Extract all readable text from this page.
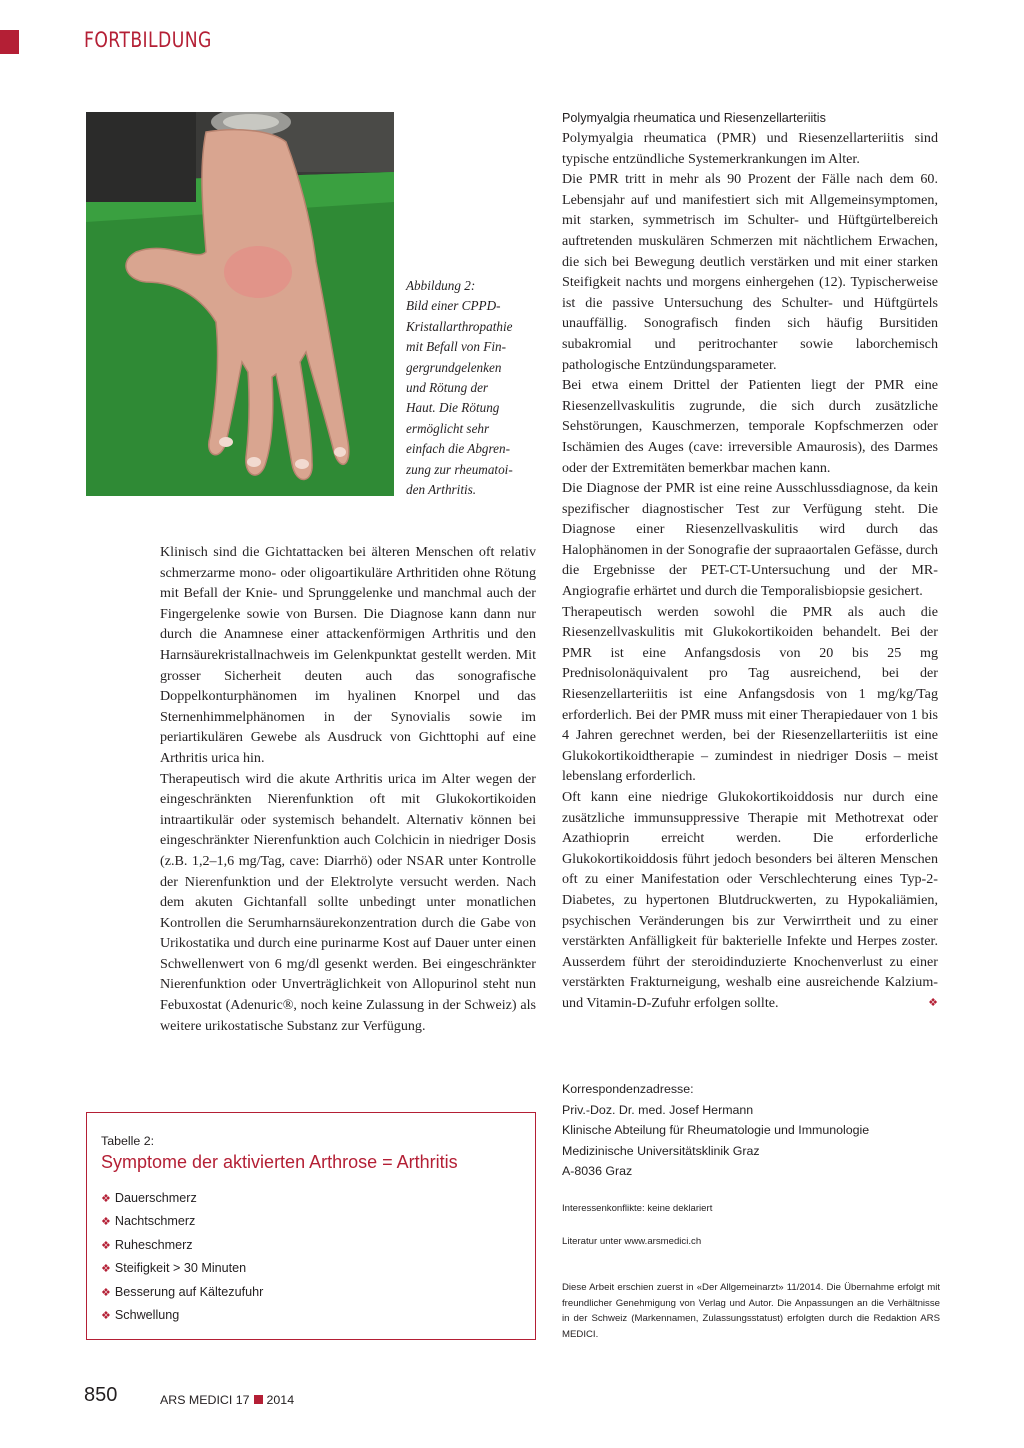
FORTBILDUNG
Abbildung 2:
Bild einer CPPD-
Kristallarthropathie
mit Befall von Fin-
gergrundgelenken
und Rötung der
Haut. Die Rötung
ermöglicht sehr
einfach die Abgren-
zung zur rheumatoi-
den Arthritis.

Klinisch sind die Gichtattacken bei älteren Menschen oft relativ schmerzarme mono- oder oligoartikuläre Arthritiden ohne Rötung mit Befall der Knie- und Sprunggelenke und manchmal auch der Fingergelenke sowie von Bursen. Die Diagnose kann dann nur durch die Anamnese einer attackenförmigen Arthritis und den Harnsäurekristallnachweis im Gelenkpunktat gestellt werden. Mit grosser Sicherheit deuten auch das sonografische Doppelkonturphänomen im hyalinen Knorpel und das Sternenhimmelphänomen in der Synovialis sowie im periartikulären Gewebe als Ausdruck von Gichttophi auf eine Arthritis urica hin.

Therapeutisch wird die akute Arthritis urica im Alter wegen der eingeschränkten Nierenfunktion oft mit Glukokortikoiden intraartikulär oder systemisch behandelt. Alternativ können bei eingeschränkter Nierenfunktion auch Colchicin in niedriger Dosis (z.B. 1,2–1,6 mg/Tag, cave: Diarrhö) oder NSAR unter Kontrolle der Nierenfunktion und der Elektrolyte versucht werden. Nach dem akuten Gichtanfall sollte unbedingt unter monatlichen Kontrollen die Serumharnsäurekonzentration durch die Gabe von Urikostatika und durch eine purinarme Kost auf Dauer unter einen Schwellenwert von 6 mg/dl gesenkt werden. Bei eingeschränkter Nierenfunktion oder Unverträglichkeit von Allopurinol steht nun Febuxostat (Adenuric®, noch keine Zulassung in der Schweiz) als weitere urikostatische Substanz zur Verfügung.

Polymyalgia rheumatica und Riesenzellarteriitis

Polymyalgia rheumatica (PMR) und Riesenzellarteriitis sind typische entzündliche Systemerkrankungen im Alter.

Die PMR tritt in mehr als 90 Prozent der Fälle nach dem 60. Lebensjahr auf und manifestiert sich mit Allgemeinsymptomen, mit starken, symmetrisch im Schulter- und Hüftgürtelbereich auftretenden muskulären Schmerzen mit nächtlichem Erwachen, die sich bei Bewegung deutlich verstärken und mit einer starken Steifigkeit nachts und morgens einhergehen (12). Typischerweise ist die passive Untersuchung des Schulter- und Hüftgürtels unauffällig. Sonografisch finden sich häufig Bursitiden subakromial und peritrochanter sowie laborchemisch pathologische Entzündungsparameter.

Bei etwa einem Drittel der Patienten liegt der PMR eine Riesenzellvaskulitis zugrunde, die sich durch zusätzliche Sehstörungen, Kauschmerzen, temporale Kopfschmerzen oder Ischämien des Auges (cave: irreversible Amaurosis), des Darmes oder der Extremitäten bemerkbar machen kann.

Die Diagnose der PMR ist eine reine Ausschlussdiagnose, da kein spezifischer diagnostischer Test zur Verfügung steht. Die Diagnose einer Riesenzellvaskulitis wird durch das Halophänomen in der Sonografie der supraaortalen Gefässe, durch die Ergebnisse der PET-CT-Untersuchung und der MR-Angiografie erhärtet und durch die Temporalisbiopsie gesichert.

Therapeutisch werden sowohl die PMR als auch die Riesenzellvaskulitis mit Glukokortikoiden behandelt. Bei der PMR ist eine Anfangsdosis von 20 bis 25 mg Prednisolonäquivalent pro Tag ausreichend, bei der Riesenzellarteriitis ist eine Anfangsdosis von 1 mg/kg/Tag erforderlich. Bei der PMR muss mit einer Therapiedauer von 1 bis 4 Jahren gerechnet werden, bei der Riesenzellarteriitis ist eine Glukokortikoidtherapie – zumindest in niedriger Dosis – meist lebenslang erforderlich.

Oft kann eine niedrige Glukokortikoiddosis nur durch eine zusätzliche immunsuppressive Therapie mit Methotrexat oder Azathioprin erreicht werden. Die erforderliche Glukokortikoiddosis führt jedoch besonders bei älteren Menschen oft zu einer Manifestation oder Verschlechterung eines Typ-2-Diabetes, zu hypertonen Blutdruckwerten, zu Hypokaliämien, psychischen Veränderungen bis zur Verwirrtheit und zu einer verstärkten Anfälligkeit für bakterielle Infekte und Herpes zoster. Ausserdem führt der steroidinduzierte Knochenverlust zu einer verstärkten Frakturneigung, weshalb eine ausreichende Kalzium- und Vitamin-D-Zufuhr erfolgen sollte.	❖

Korrespondenzadresse:
Priv.-Doz. Dr. med. Josef Hermann
Klinische Abteilung für Rheumatologie und Immunologie
Medizinische Universitätsklinik Graz
A-8036 Graz
Interessenkonflikte: keine deklariert
Literatur unter www.arsmedici.ch
Diese Arbeit erschien zuerst in «Der Allgemeinarzt» 11/2014. Die Übernahme erfolgt mit freundlicher Genehmigung von Verlag und Autor. Die Anpassungen an die Verhältnisse in der Schweiz (Markennamen, Zulassungsstatust) erfolgten durch die Redaktion ARS MEDICI.
Tabelle 2:
Symptome der aktivierten Arthrose = Arthritis
❖ Dauerschmerz
❖ Nachtschmerz
❖ Ruheschmerz
❖ Steifigkeit > 30 Minuten
❖ Besserung auf Kältezufuhr
❖ Schwellung
850	ARS MEDICI 17 2014
